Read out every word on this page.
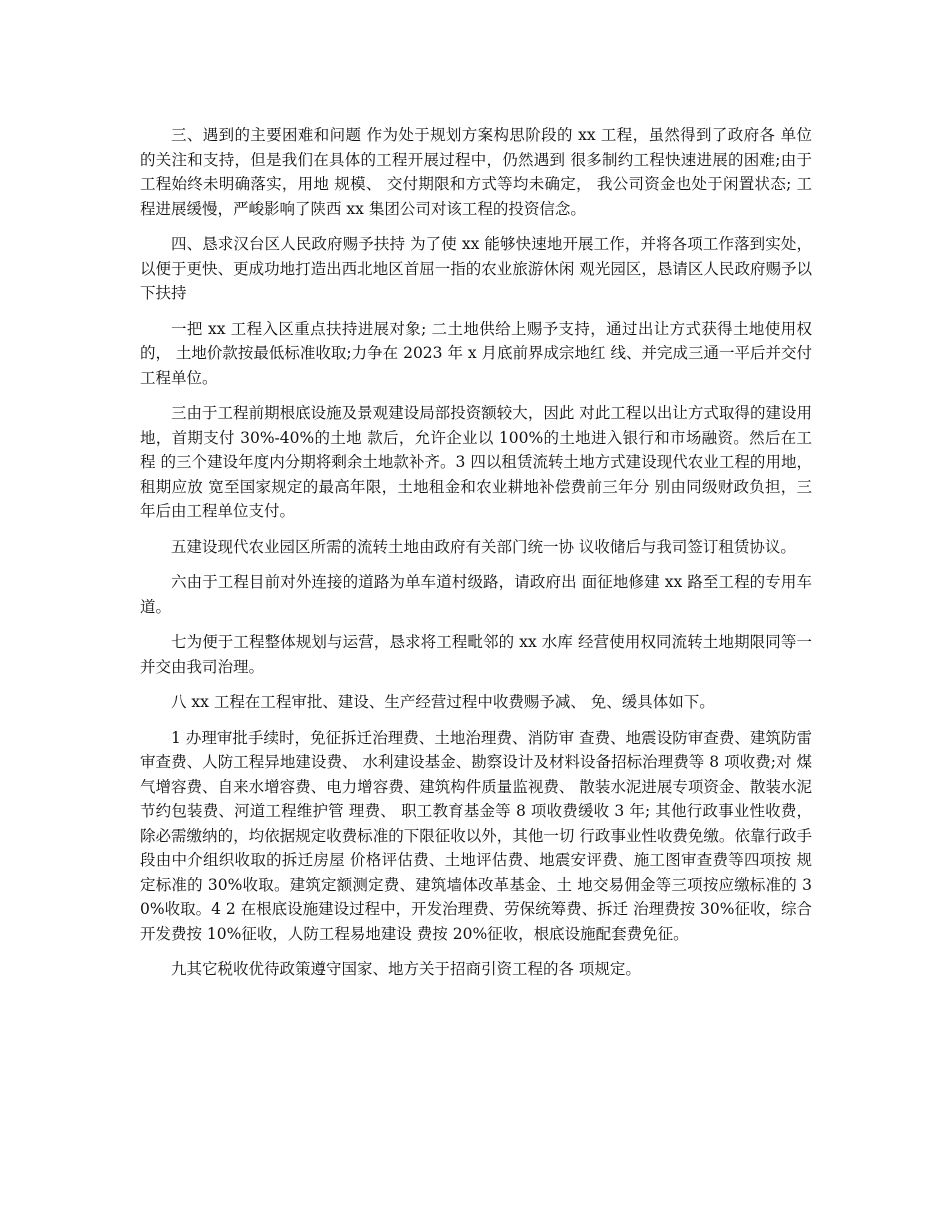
三、遇到的主要困难和问题 作为处于规划方案构思阶段的 xx 工程，虽然得到了政府各 单位的关注和支持，但是我们在具体的工程开展过程中，仍然遇到 很多制约工程快速进展的困难;由于工程始终未明确落实，用地 规模、 交付期限和方式等均未确定， 我公司资金也处于闲置状态; 工程进展缓慢，严峻影响了陕西 xx 集团公司对该工程的投资信念。

四、恳求汉台区人民政府赐予扶持 为了使 xx 能够快速地开展工作，并将各项工作落到实处， 以便于更快、更成功地打造出西北地区首屈一指的农业旅游休闲 观光园区，恳请区人民政府赐予以下扶持

一把 xx 工程入区重点扶持进展对象; 二土地供给上赐予支持，通过出让方式获得土地使用权的， 土地价款按最低标准收取;力争在 2023 年 x 月底前界成宗地红 线、并完成三通一平后并交付工程单位。

三由于工程前期根底设施及景观建设局部投资额较大，因此 对此工程以出让方式取得的建设用地，首期支付 30%-40%的土地 款后，允许企业以 100%的土地进入银行和市场融资。然后在工程 的三个建设年度内分期将剩余土地款补齐。3 四以租赁流转土地方式建设现代农业工程的用地，租期应放 宽至国家规定的最高年限，土地租金和农业耕地补偿费前三年分 别由同级财政负担，三年后由工程单位支付。

五建设现代农业园区所需的流转土地由政府有关部门统一协 议收储后与我司签订租赁协议。

六由于工程目前对外连接的道路为单车道村级路，请政府出 面征地修建 xx 路至工程的专用车道。

七为便于工程整体规划与运营，恳求将工程毗邻的 xx 水库 经营使用权同流转土地期限同等一并交由我司治理。

八 xx 工程在工程审批、建设、生产经营过程中收费赐予减、 免、缓具体如下。

1 办理审批手续时，免征拆迁治理费、土地治理费、消防审 查费、地震设防审查费、建筑防雷审查费、人防工程异地建设费、 水利建设基金、勘察设计及材料设备招标治理费等 8 项收费;对 煤气增容费、自来水增容费、电力增容费、建筑构件质量监视费、 散装水泥进展专项资金、散装水泥节约包装费、河道工程维护管 理费、 职工教育基金等 8 项收费缓收 3 年; 其他行政事业性收费， 除必需缴纳的，均依据规定收费标准的下限征收以外，其他一切 行政事业性收费免缴。依靠行政手段由中介组织收取的拆迁房屋 价格评估费、土地评估费、地震安评费、施工图审查费等四项按 规定标准的 30%收取。建筑定额测定费、建筑墙体改革基金、土 地交易佣金等三项按应缴标准的 30%收取。4 2 在根底设施建设过程中，开发治理费、劳保统筹费、拆迁 治理费按 30%征收，综合开发费按 10%征收，人防工程易地建设 费按 20%征收，根底设施配套费免征。

九其它税收优待政策遵守国家、地方关于招商引资工程的各 项规定。
